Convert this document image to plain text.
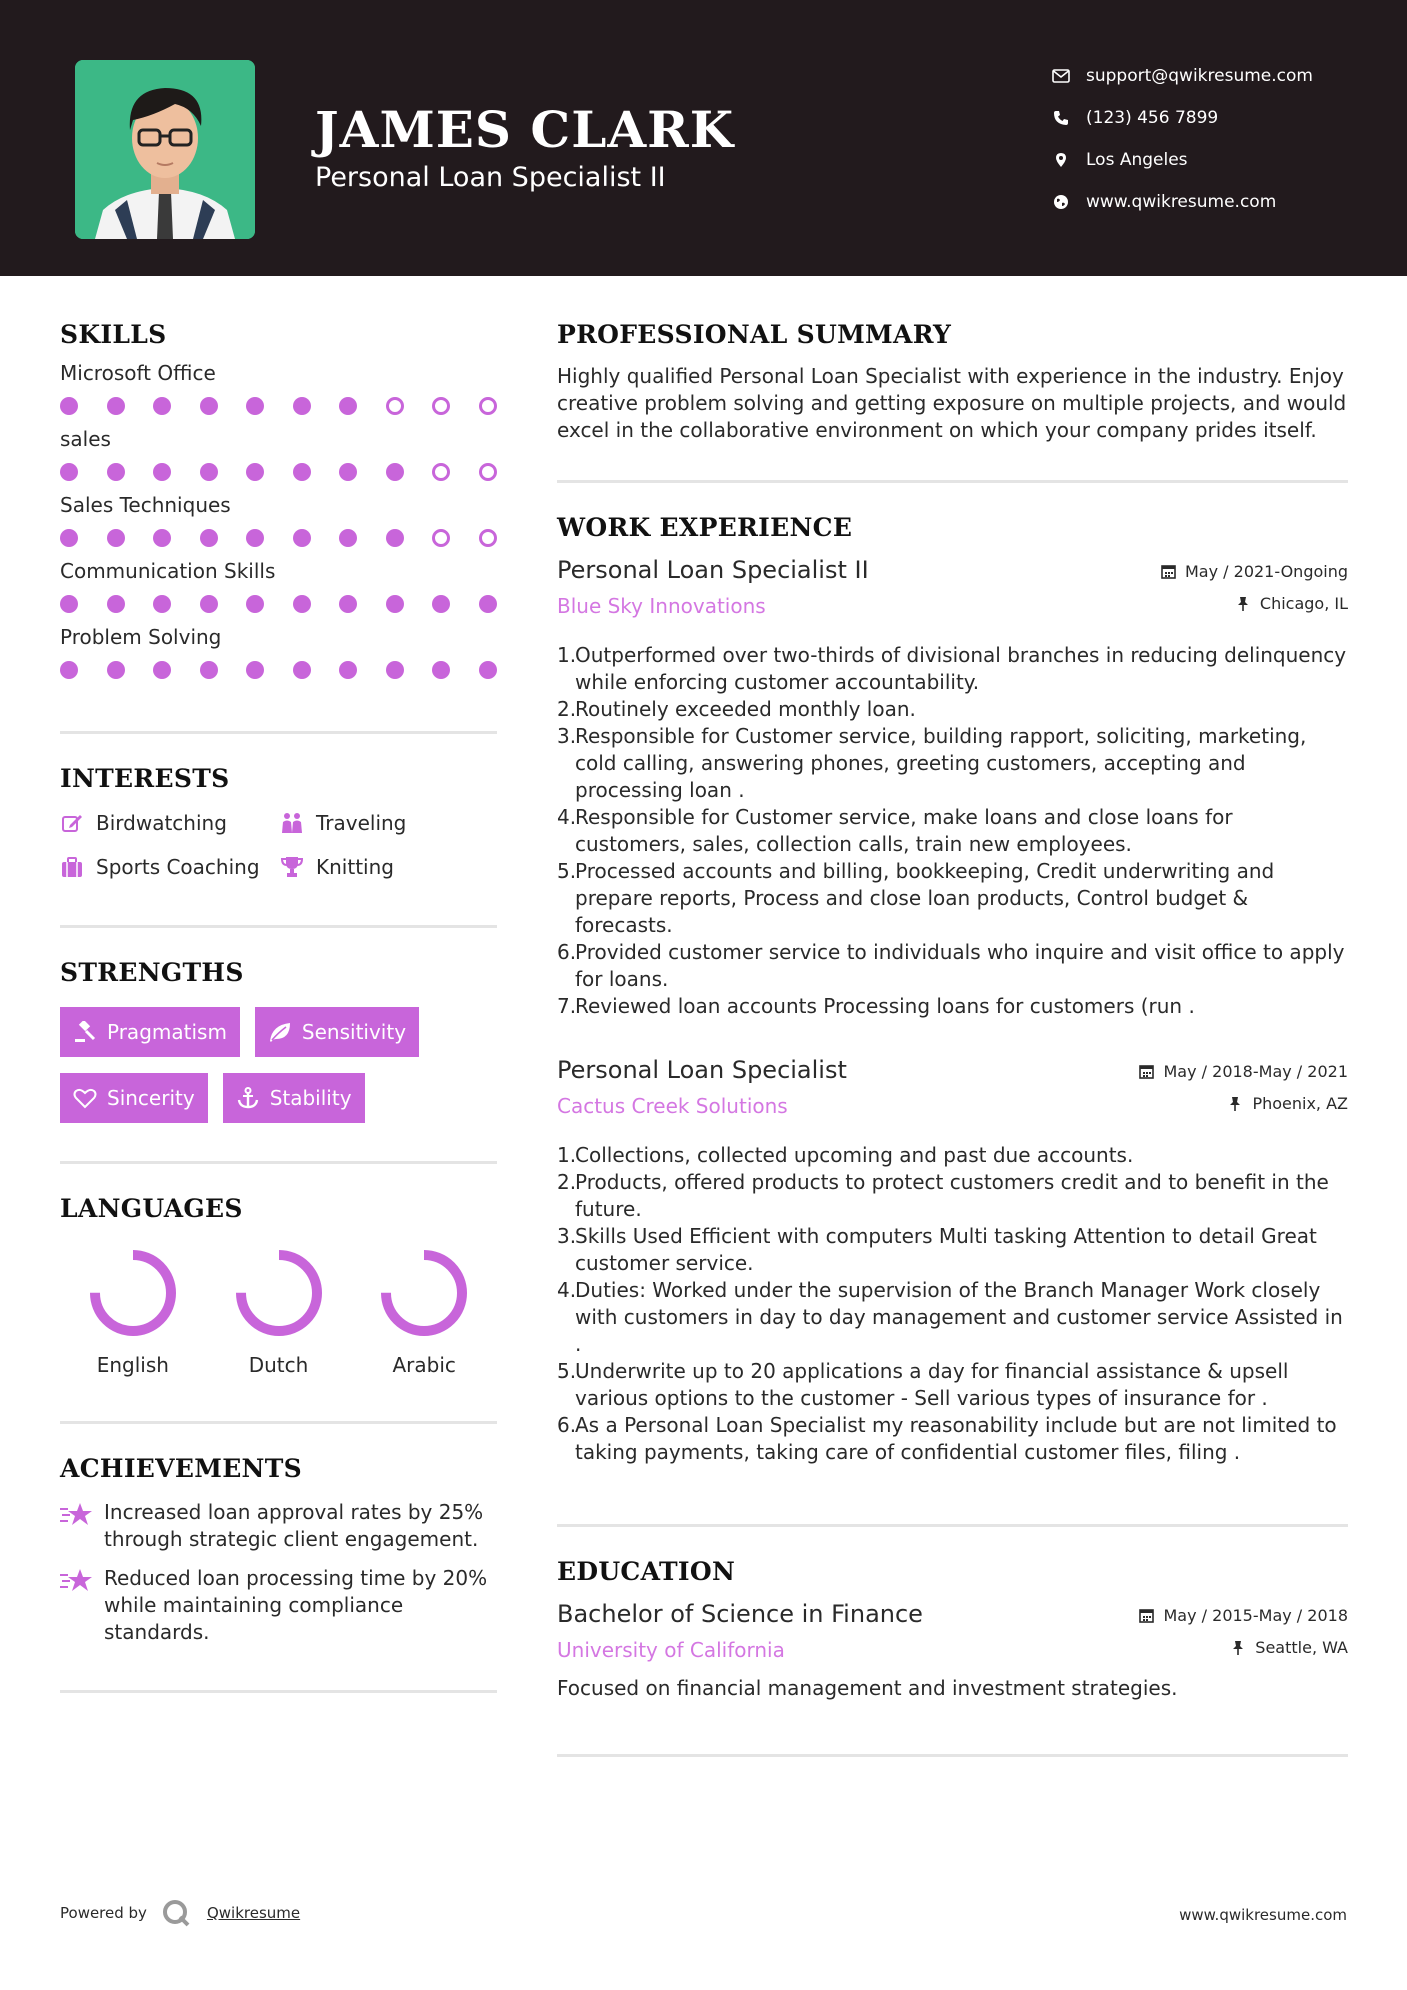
JAMES CLARK
Personal Loan Specialist II
support@qwikresume.com
(123) 456 7899
Los Angeles
www.qwikresume.com
SKILLS
Microsoft Office
sales
Sales Techniques
Communication Skills
Problem Solving
INTERESTS
Birdwatching	Traveling
Sports Coaching	Knitting
STRENGTHS
Pragmatism	Sensitivity
Sincerity	Stability
LANGUAGES
English	Dutch	Arabic
ACHIEVEMENTS
Increased loan approval rates by 25% through strategic client engagement.
Reduced loan processing time by 20% while maintaining compliance standards.
PROFESSIONAL SUMMARY

Highly qualified Personal Loan Specialist with experience in the industry. Enjoy creative problem solving and getting exposure on multiple projects, and would excel in the collaborative environment on which your company prides itself.

WORK EXPERIENCE
Personal Loan Specialist II
Blue Sky Innovations
May / 2021-Ongoing
Chicago, IL
Outperformed over two-thirds of divisional branches in reducing delinquency while enforcing customer accountability.
Routinely exceeded monthly loan.
Responsible for Customer service, building rapport, soliciting, marketing, cold calling, answering phones, greeting customers, accepting and processing loan .
Responsible for Customer service, make loans and close loans for customers, sales, collection calls, train new employees.
Processed accounts and billing, bookkeeping, Credit underwriting and prepare reports, Process and close loan products, Control budget & forecasts.
Provided customer service to individuals who inquire and visit office to apply for loans.
Reviewed loan accounts Processing loans for customers (run .
Personal Loan Specialist
Cactus Creek Solutions
May / 2018-May / 2021
Phoenix, AZ
Collections, collected upcoming and past due accounts.
Products, offered products to protect customers credit and to benefit in the future.
Skills Used Efficient with computers Multi tasking Attention to detail Great customer service.
Duties: Worked under the supervision of the Branch Manager Work closely with customers in day to day management and customer service Assisted in .
Underwrite up to 20 applications a day for financial assistance & upsell various options to the customer - Sell various types of insurance for .
As a Personal Loan Specialist my reasonability include but are not limited to taking payments, taking care of confidential customer files, filing .
EDUCATION
Bachelor of Science in Finance
University of California
May / 2015-May / 2018
Seattle, WA

Focused on financial management and investment strategies.

Powered by	Qwikresume	www.qwikresume.com
